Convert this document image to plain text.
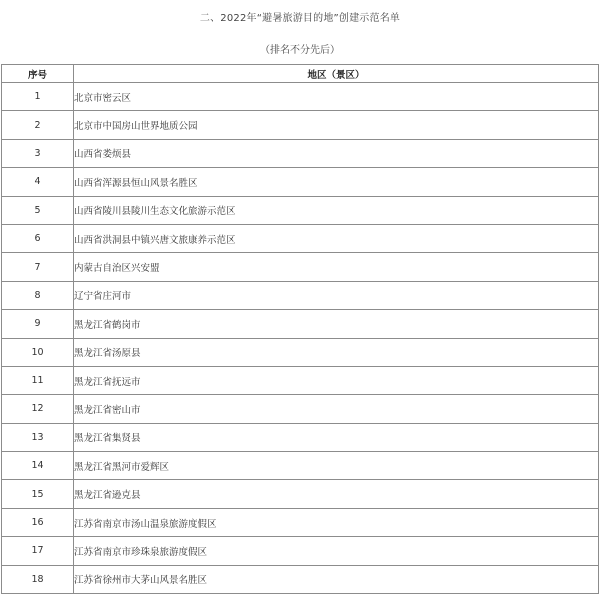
二、2022年“避暑旅游目的地”创建示范名单
（排名不分先后）
序号	地区（景区）
1	北京市密云区
2	北京市中国房山世界地质公园
3	山西省娄烦县
4	山西省浑源县恒山风景名胜区
5	山西省陵川县陵川生态文化旅游示范区
6	山西省洪洞县中镇兴唐文旅康养示范区
7	内蒙古自治区兴安盟
8	辽宁省庄河市
9	黑龙江省鹤岗市
10	黑龙江省汤原县
11	黑龙江省抚远市
12	黑龙江省密山市
13	黑龙江省集贤县
14	黑龙江省黑河市爱辉区
15	黑龙江省逊克县
16	江苏省南京市汤山温泉旅游度假区
17	江苏省南京市珍珠泉旅游度假区
18	江苏省徐州市大茅山风景名胜区
